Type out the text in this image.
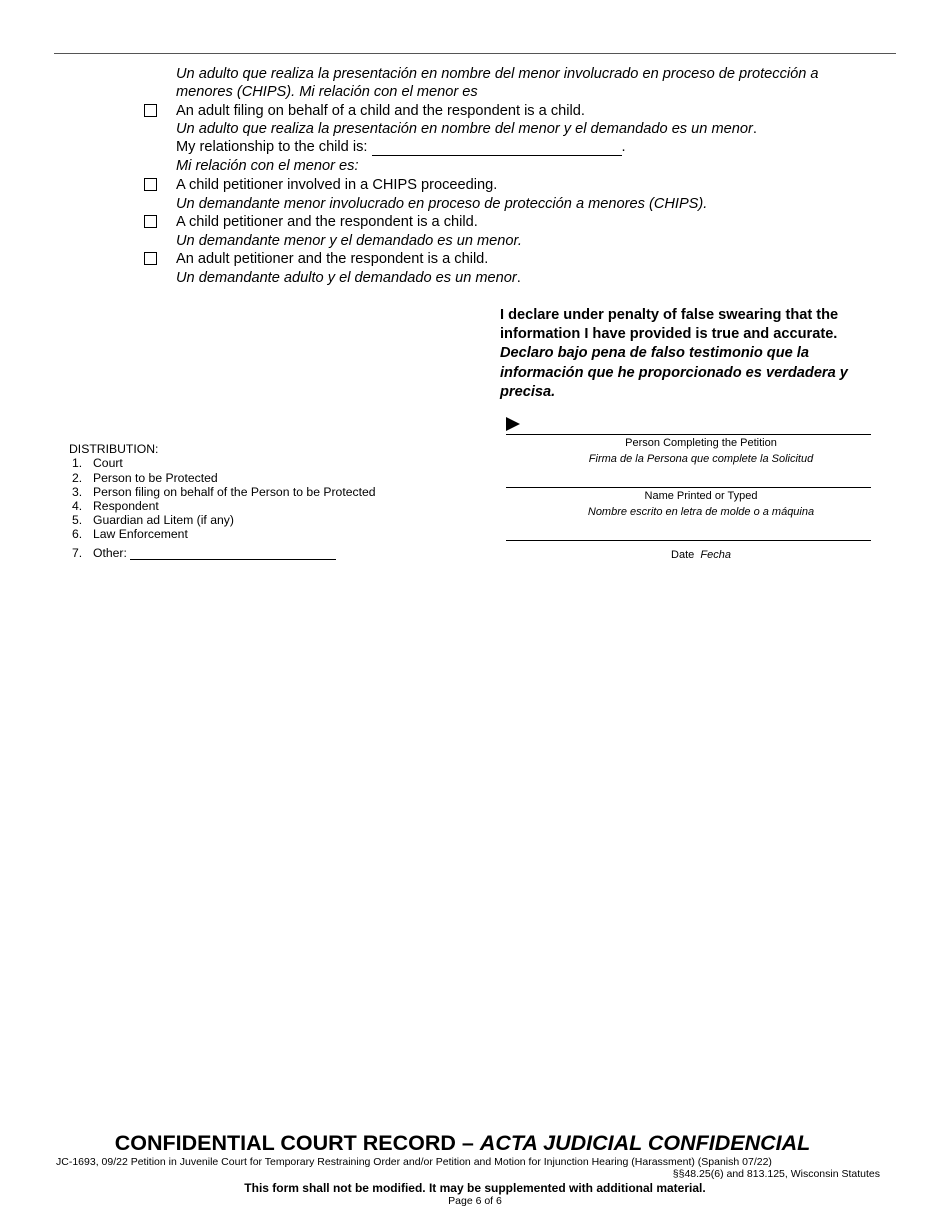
Un adulto que realiza la presentación en nombre del menor involucrado en proceso de protección a
menores (CHIPS). Mi relación con el menor es
An adult filing on behalf of a child and the respondent is a child.
Un adulto que realiza la presentación en nombre del menor y el demandado es un menor.
My relationship to the child is:	.
Mi relación con el menor es:
A child petitioner involved in a CHIPS proceeding.
Un demandante menor involucrado en proceso de protección a menores (CHIPS).
A child petitioner and the respondent is a child.
Un demandante menor y el demandado es un menor.
An adult petitioner and the respondent is a child.
Un demandante adulto y el demandado es un menor.
I declare under penalty of false swearing that the information I have provided is true and accurate. Declaro bajo pena de falso testimonio que la información que he proporcionado es verdadera y precisa.
Person Completing the Petition
Firma de la Persona que complete la Solicitud
Name Printed or Typed
Nombre escrito en letra de molde o a máquina
Date Fecha
DISTRIBUTION:
1. Court
2. Person to be Protected
3. Person filing on behalf of the Person to be Protected
4. Respondent
5. Guardian ad Litem (if any)
6. Law Enforcement
7. Other:
CONFIDENTIAL COURT RECORD – ACTA JUDICIAL CONFIDENCIAL
JC-1693, 09/22 Petition in Juvenile Court for Temporary Restraining Order and/or Petition and Motion for Injunction Hearing (Harassment) (Spanish 07/22)
§§48.25(6) and 813.125, Wisconsin Statutes
This form shall not be modified. It may be supplemented with additional material.
Page 6 of 6
